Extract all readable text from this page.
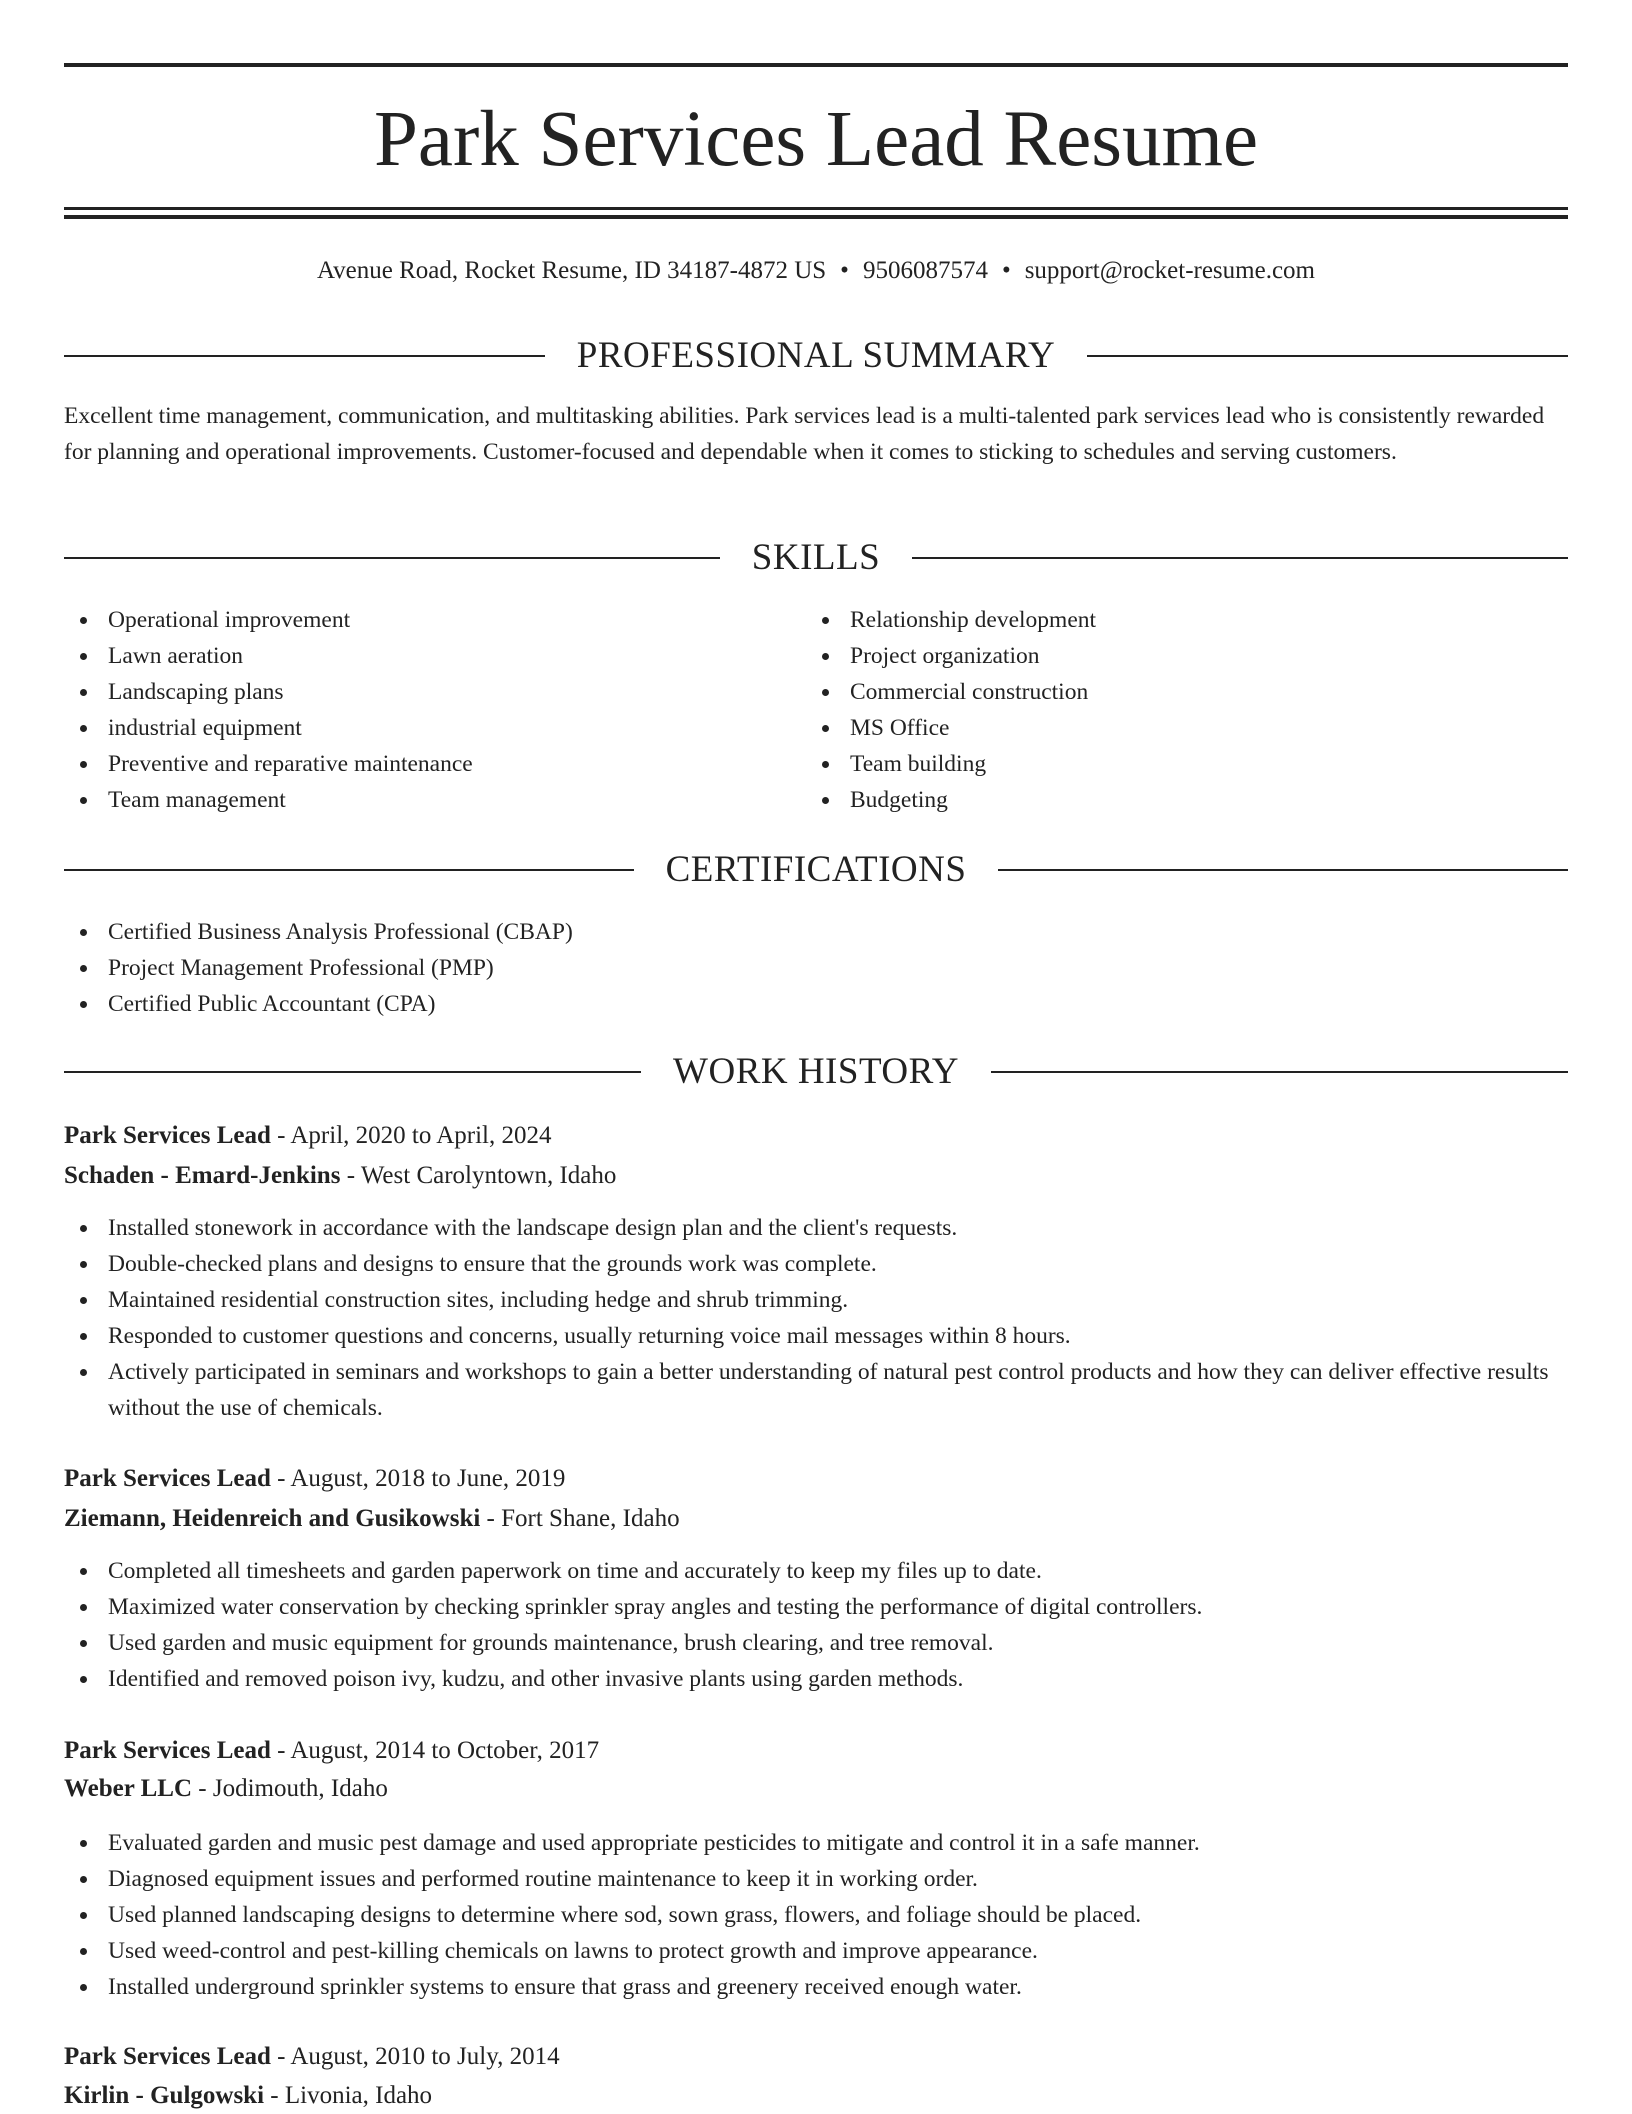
Park Services Lead Resume
Avenue Road, Rocket Resume, ID 34187-4872 US • 9506087574 • support@rocket-resume.com
PROFESSIONAL SUMMARY

Excellent time management, communication, and multitasking abilities. Park services lead is a multi-talented park services lead who is consistently rewarded for planning and operational improvements. Customer-focused and dependable when it comes to sticking to schedules and serving customers.

SKILLS
Operational improvement
Lawn aeration
Landscaping plans
industrial equipment
Preventive and reparative maintenance
Team management
Relationship development
Project organization
Commercial construction
MS Office
Team building
Budgeting
CERTIFICATIONS
Certified Business Analysis Professional (CBAP)
Project Management Professional (PMP)
Certified Public Accountant (CPA)
WORK HISTORY
Park Services Lead - April, 2020 to April, 2024
Schaden - Emard-Jenkins - West Carolyntown, Idaho
Installed stonework in accordance with the landscape design plan and the client's requests.
Double-checked plans and designs to ensure that the grounds work was complete.
Maintained residential construction sites, including hedge and shrub trimming.
Responded to customer questions and concerns, usually returning voice mail messages within 8 hours.
Actively participated in seminars and workshops to gain a better understanding of natural pest control products and how they can deliver effective results without the use of chemicals.
Park Services Lead - August, 2018 to June, 2019
Ziemann, Heidenreich and Gusikowski - Fort Shane, Idaho
Completed all timesheets and garden paperwork on time and accurately to keep my files up to date.
Maximized water conservation by checking sprinkler spray angles and testing the performance of digital controllers.
Used garden and music equipment for grounds maintenance, brush clearing, and tree removal.
Identified and removed poison ivy, kudzu, and other invasive plants using garden methods.
Park Services Lead - August, 2014 to October, 2017
Weber LLC - Jodimouth, Idaho
Evaluated garden and music pest damage and used appropriate pesticides to mitigate and control it in a safe manner.
Diagnosed equipment issues and performed routine maintenance to keep it in working order.
Used planned landscaping designs to determine where sod, sown grass, flowers, and foliage should be placed.
Used weed-control and pest-killing chemicals on lawns to protect growth and improve appearance.
Installed underground sprinkler systems to ensure that grass and greenery received enough water.
Park Services Lead - August, 2010 to July, 2014
Kirlin - Gulgowski - Livonia, Idaho
